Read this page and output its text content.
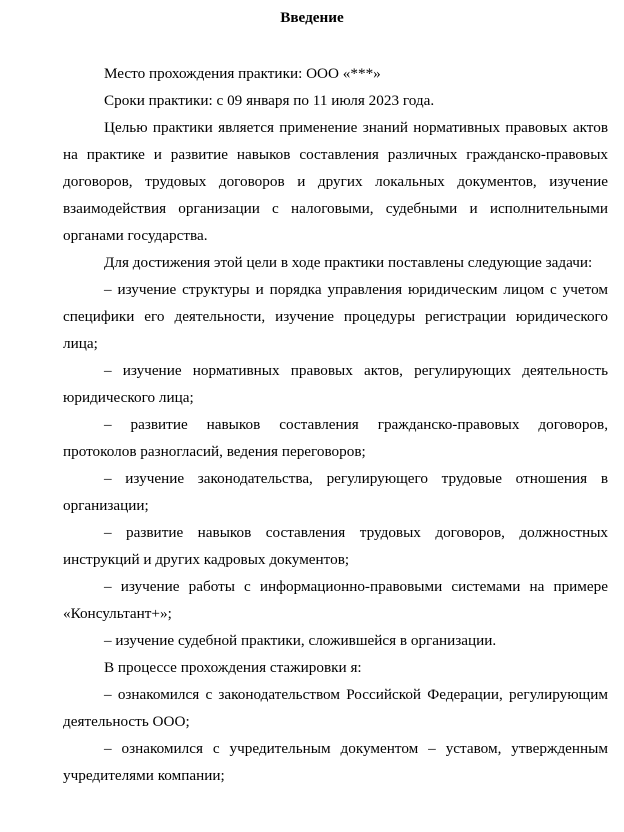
Введение

Место прохождения практики: ООО «***»

Сроки практики: с 09 января по 11 июля 2023 года.

Целью практики является применение знаний нормативных правовых актов на практике и развитие навыков составления различных гражданско-правовых договоров, трудовых договоров и других локальных документов, изучение взаимодействия организации с налоговыми, судебными и исполнительными органами государства.

Для достижения этой цели в ходе практики поставлены следующие задачи:

– изучение структуры и порядка управления юридическим лицом с учетом специфики его деятельности, изучение процедуры регистрации юридического лица;

– изучение нормативных правовых актов, регулирующих деятельность юридического лица;

– развитие навыков составления гражданско-правовых договоров, протоколов разногласий, ведения переговоров;

– изучение законодательства, регулирующего трудовые отношения в организации;

– развитие навыков составления трудовых договоров, должностных инструкций и других кадровых документов;

– изучение работы с информационно-правовыми системами на примере «Консультант+»;

– изучение судебной практики, сложившейся в организации.

В процессе прохождения стажировки я:

– ознакомился с законодательством Российской Федерации, регулирующим деятельность ООО;

– ознакомился с учредительным документом – уставом, утвержденным учредителями компании;
